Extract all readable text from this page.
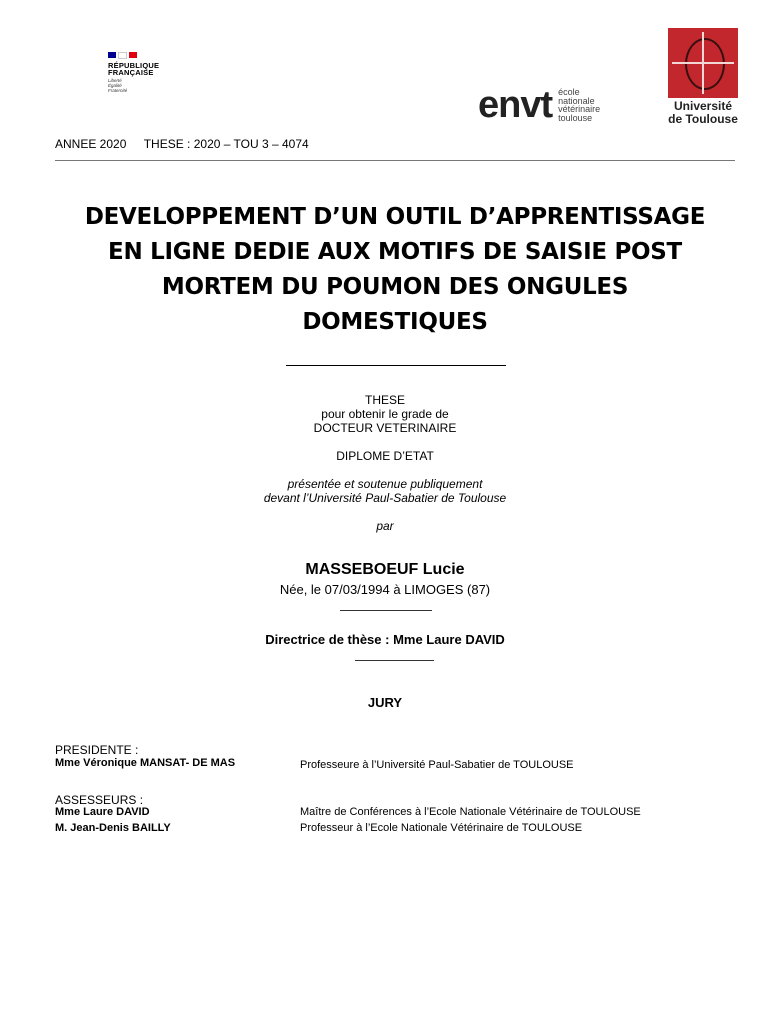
RÉPUBLIQUE
FRANÇAISE
Liberté
Égalité
Fraternité	envt école
nationale
vétérinaire
toulouse
Université
de Toulouse
ANNEE 2020 THESE : 2020 – TOU 3 – 4074
DEVELOPPEMENT D’UN OUTIL D’APPRENTISSAGE
EN LIGNE DEDIE AUX MOTIFS DE SAISIE POST
MORTEM DU POUMON DES ONGULES
DOMESTIQUES
THESE
pour obtenir le grade de
DOCTEUR VETERINAIRE
DIPLOME D’ETAT
présentée et soutenue publiquement
devant l’Université Paul-Sabatier de Toulouse
par
MASSEBOEUF Lucie
Née, le 07/03/1994 à LIMOGES (87)
Directrice de thèse : Mme Laure DAVID
JURY
PRESIDENTE :
Mme Véronique MANSAT- DE MAS	Professeure à l’Université Paul-Sabatier de TOULOUSE
ASSESSEURS :
Mme Laure DAVID	Maître de Conférences à l’Ecole Nationale Vétérinaire de TOULOUSE
M. Jean-Denis BAILLY	Professeur à l’Ecole Nationale Vétérinaire de TOULOUSE
